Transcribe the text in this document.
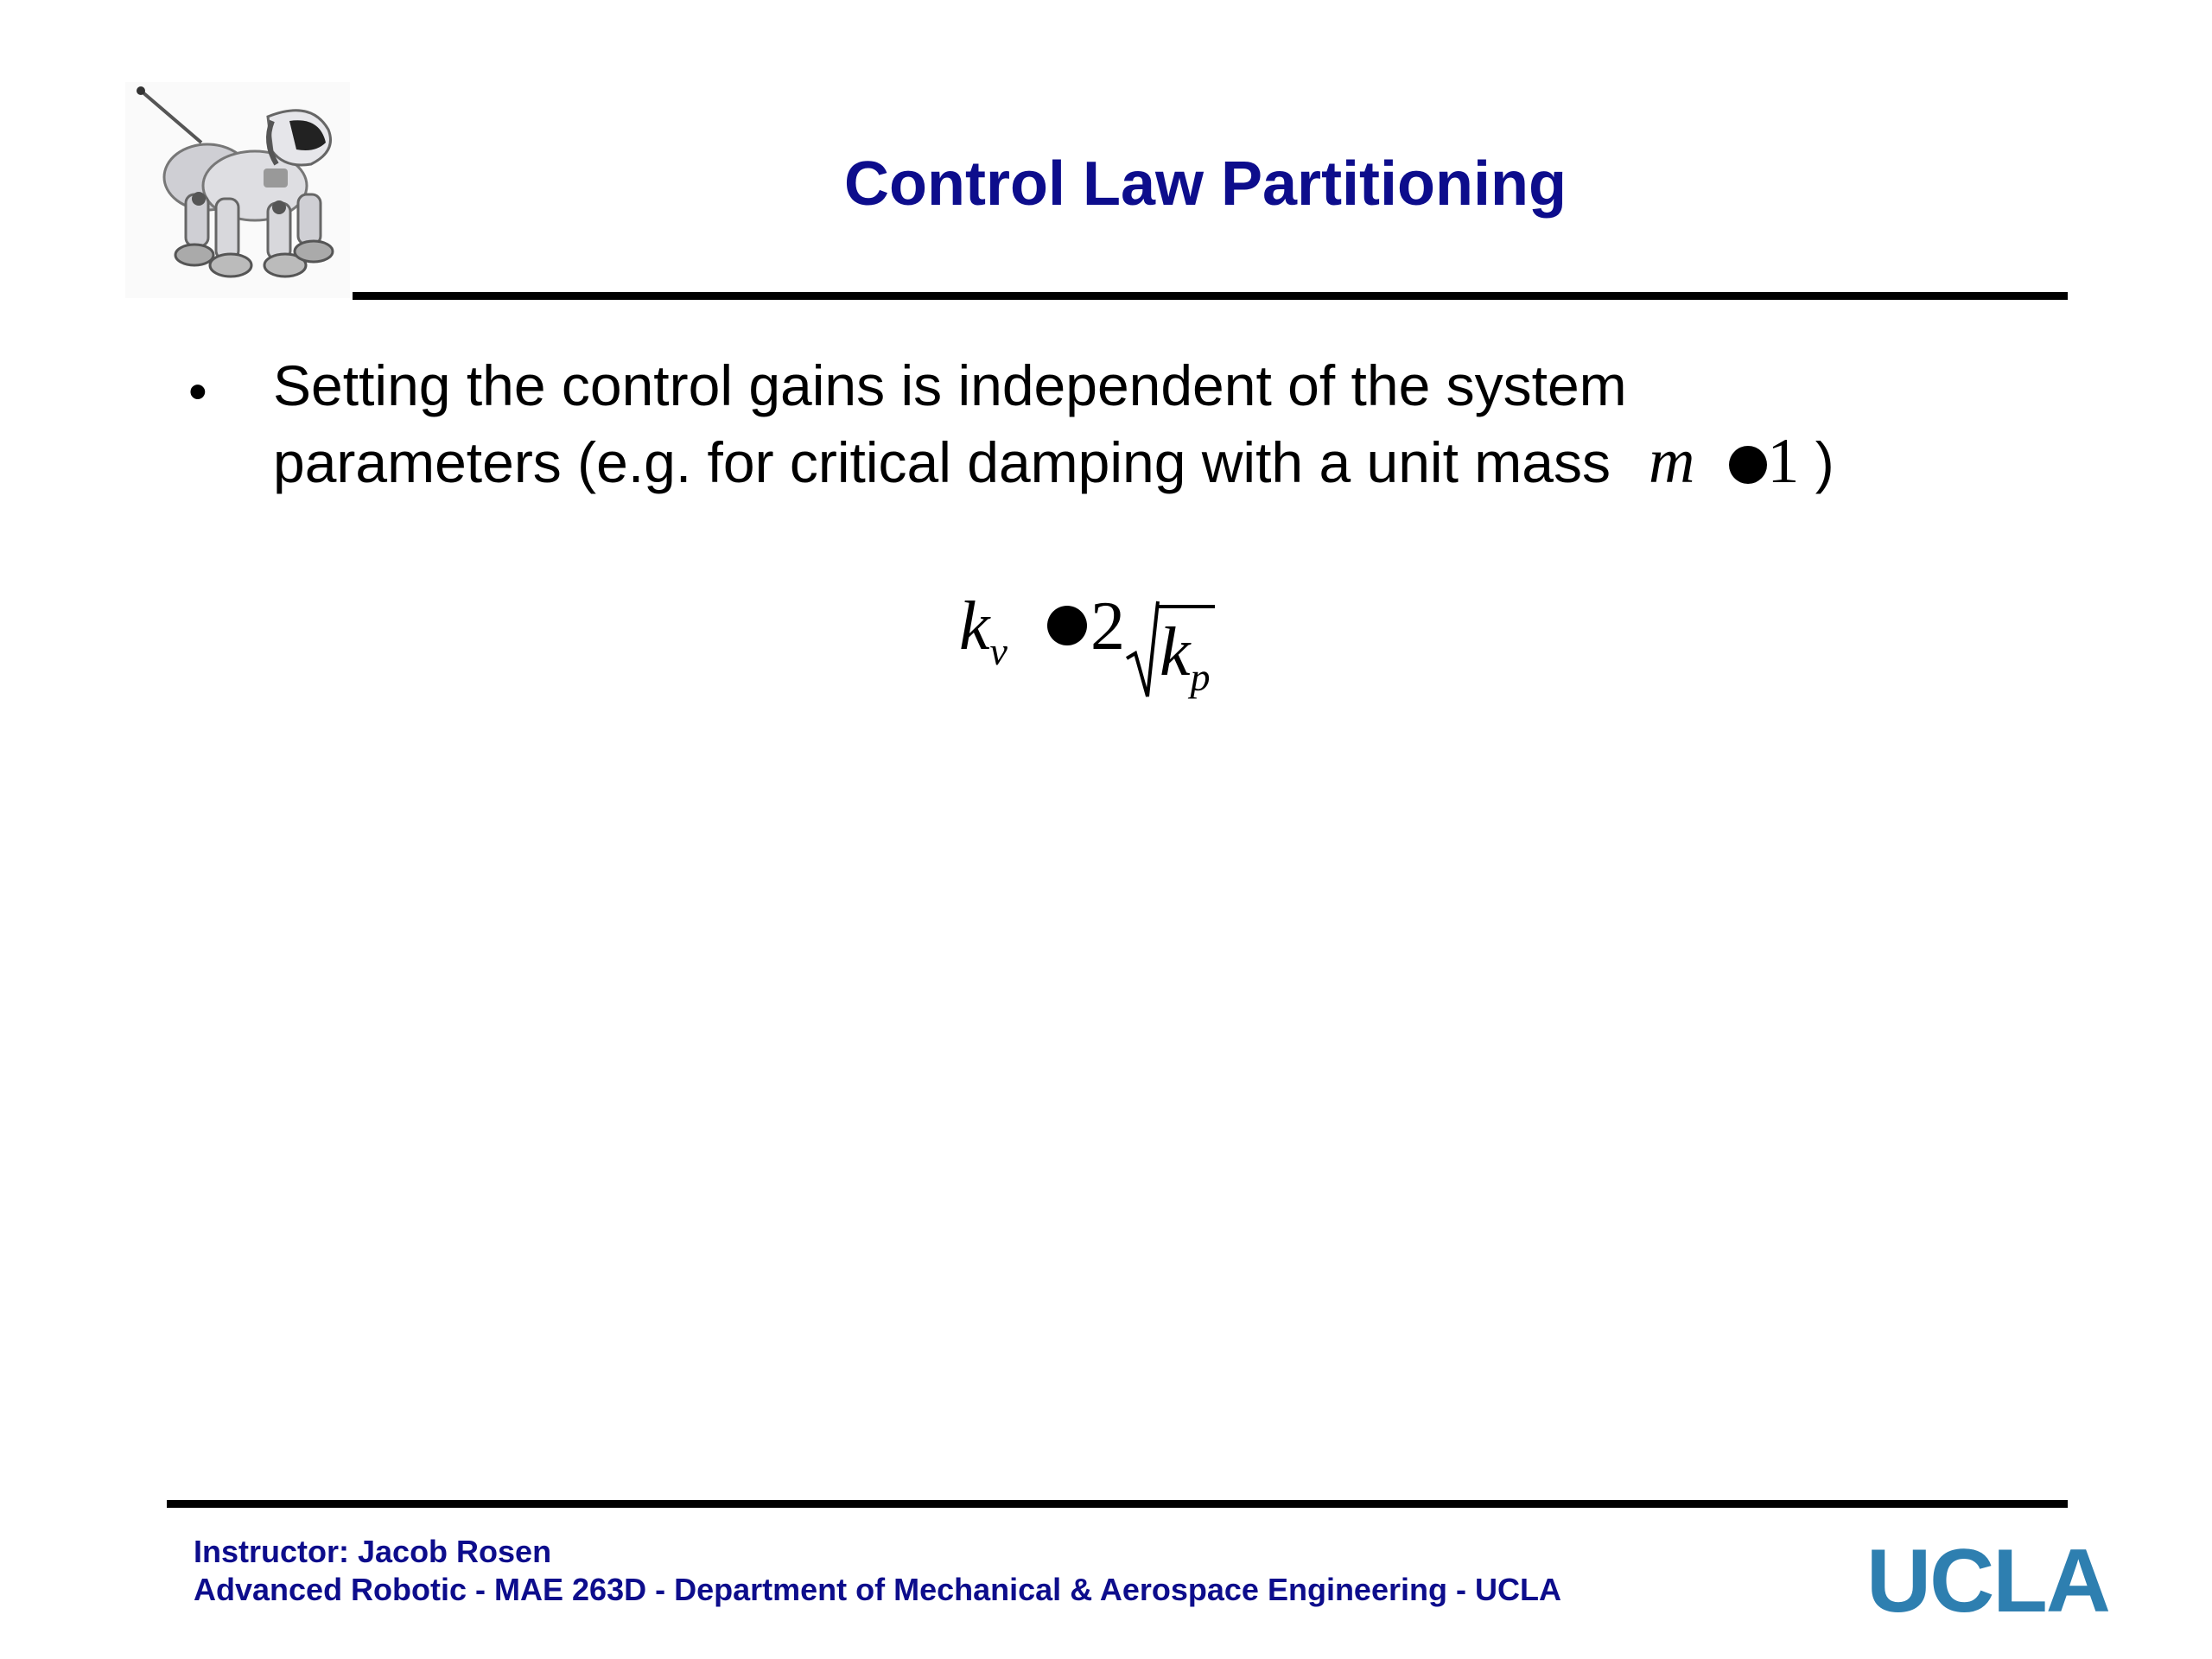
Control Law Partitioning
• Setting the control gains is independent of the system
parameters (e.g. for critical damping with a unit mass m 1 )
$k_v$ 2 $k_p$
Instructor: Jacob Rosen
Advanced Robotic - MAE 263D - Department of Mechanical & Aerospace Engineering - UCLA	UCLA
